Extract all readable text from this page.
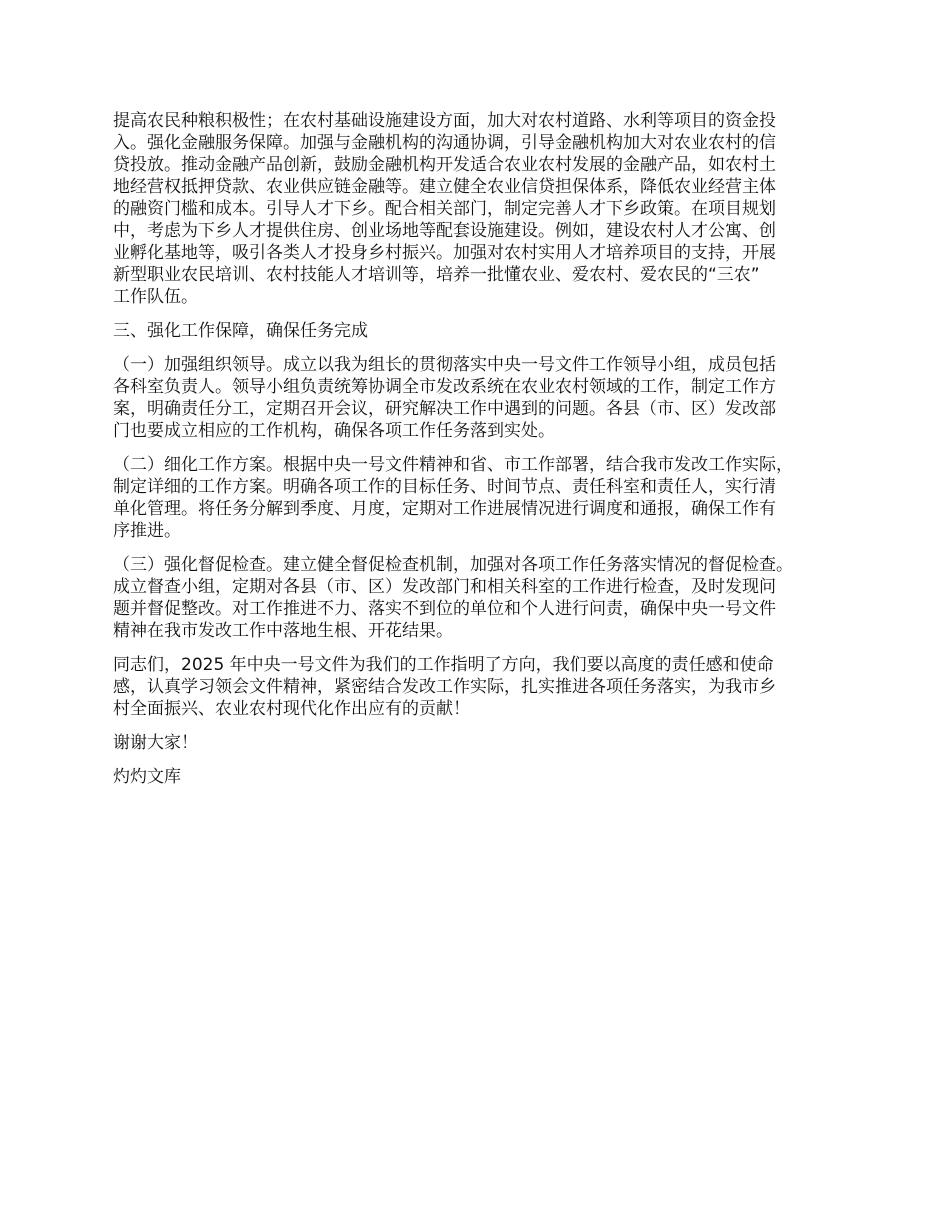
提高农民种粮积极性；在农村基础设施建设方面，加大对农村道路、水利等项目的资金投
入。强化金融服务保障。加强与金融机构的沟通协调，引导金融机构加大对农业农村的信
贷投放。推动金融产品创新，鼓励金融机构开发适合农业农村发展的金融产品，如农村土
地经营权抵押贷款、农业供应链金融等。建立健全农业信贷担保体系，降低农业经营主体
的融资门槛和成本。引导人才下乡。配合相关部门，制定完善人才下乡政策。在项目规划
中，考虑为下乡人才提供住房、创业场地等配套设施建设。例如，建设农村人才公寓、创
业孵化基地等，吸引各类人才投身乡村振兴。加强对农村实用人才培养项目的支持，开展
新型职业农民培训、农村技能人才培训等，培养一批懂农业、爱农村、爱农民的“三农”
工作队伍。

三、强化工作保障，确保任务完成

（一）加强组织领导。成立以我为组长的贯彻落实中央一号文件工作领导小组，成员包括
各科室负责人。领导小组负责统筹协调全市发改系统在农业农村领域的工作，制定工作方
案，明确责任分工，定期召开会议，研究解决工作中遇到的问题。各县（市、区）发改部
门也要成立相应的工作机构，确保各项工作任务落到实处。

（二）细化工作方案。根据中央一号文件精神和省、市工作部署，结合我市发改工作实际，
制定详细的工作方案。明确各项工作的目标任务、时间节点、责任科室和责任人，实行清
单化管理。将任务分解到季度、月度，定期对工作进展情况进行调度和通报，确保工作有
序推进。

（三）强化督促检查。建立健全督促检查机制，加强对各项工作任务落实情况的督促检查。
成立督查小组，定期对各县（市、区）发改部门和相关科室的工作进行检查，及时发现问
题并督促整改。对工作推进不力、落实不到位的单位和个人进行问责，确保中央一号文件
精神在我市发改工作中落地生根、开花结果。

同志们，2025 年中央一号文件为我们的工作指明了方向，我们要以高度的责任感和使命
感，认真学习领会文件精神，紧密结合发改工作实际，扎实推进各项任务落实，为我市乡
村全面振兴、农业农村现代化作出应有的贡献！

谢谢大家！

灼灼文库
